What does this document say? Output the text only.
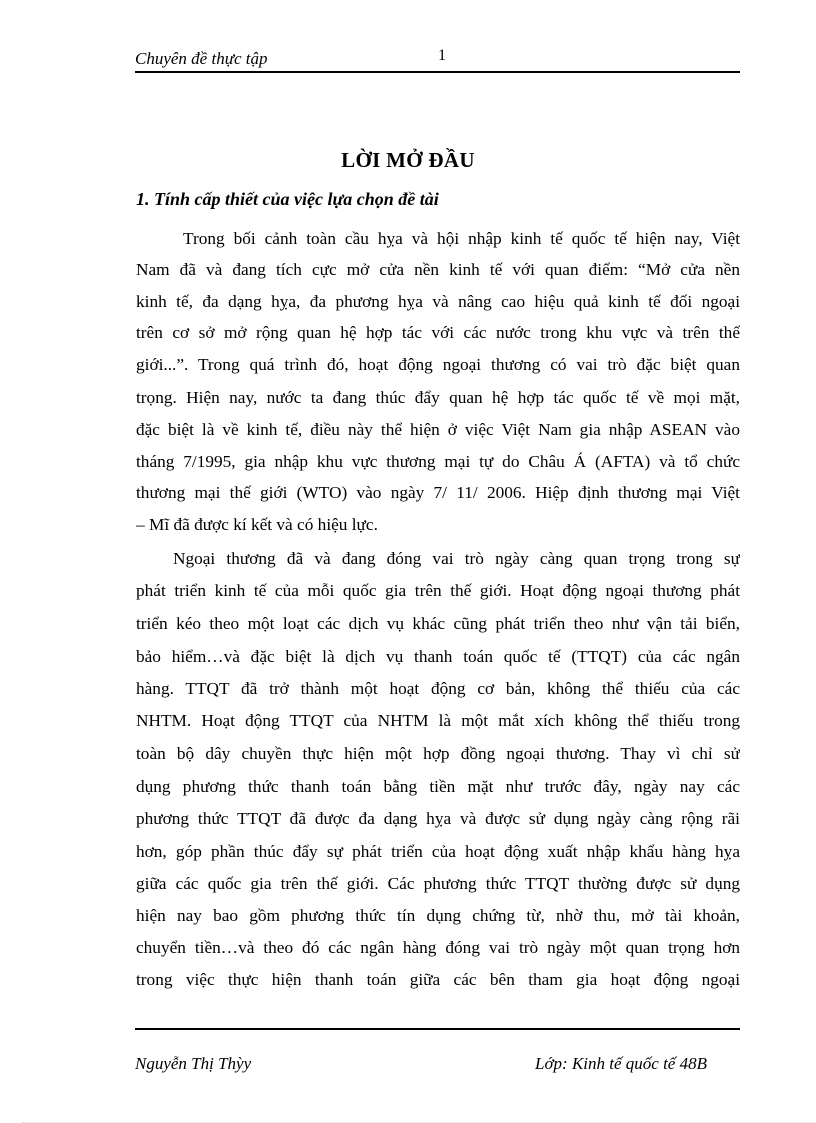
Chuyên đề thực tập	1
LỜI MỞ ĐẦU
1. Tính cấp thiết của việc lựa chọn đề tài
Trong bối cảnh toàn cầu hỵa và hội nhập kinh tế quốc tế hiện nay, Việt
Nam đã và đang tích cực mở cửa nền kinh tế với quan điểm: “Mở cửa nền
kinh tế, đa dạng hỵa, đa phương hỵa và nâng cao hiệu quả kinh tế đối ngoại
trên cơ sở mở rộng quan hệ hợp tác với các nước trong khu vực và trên thế
giới...”. Trong quá trình đó, hoạt động ngoại thương có vai trò đặc biệt quan
trọng. Hiện nay, nước ta đang thúc đẩy quan hệ hợp tác quốc tế về mọi mặt,
đặc biệt là về kinh tế, điều này thể hiện ở việc Việt Nam gia nhập ASEAN vào
tháng 7/1995, gia nhập khu vực thương mại tự do Châu Á (AFTA) và tổ chức
thương mại thế giới (WTO) vào ngày 7/ 11/ 2006. Hiệp định thương mại Việt
– Mĩ đã được kí kết và có hiệu lực.
Ngoại thương đã và đang đóng vai trò ngày càng quan trọng trong sự
phát triển kinh tế của mỗi quốc gia trên thế giới. Hoạt động ngoại thương phát
triển kéo theo một loạt các dịch vụ khác cũng phát triển theo như vận tải biển,
bảo hiểm…và đặc biệt là dịch vụ thanh toán quốc tế (TTQT) của các ngân
hàng. TTQT đã trở thành một hoạt động cơ bản, không thể thiếu của các
NHTM. Hoạt động TTQT của NHTM là một mắt xích không thể thiếu trong
toàn bộ dây chuyền thực hiện một hợp đồng ngoại thương. Thay vì chỉ sử
dụng phương thức thanh toán bằng tiền mặt như trước đây, ngày nay các
phương thức TTQT đã được đa dạng hỵa và được sử dụng ngày càng rộng rãi
hơn, góp phần thúc đẩy sự phát triển của hoạt động xuất nhập khẩu hàng hỵa
giữa các quốc gia trên thế giới. Các phương thức TTQT thường được sử dụng
hiện nay bao gồm phương thức tín dụng chứng từ, nhờ thu, mở tài khoản,
chuyển tiền…và theo đó các ngân hàng đóng vai trò ngày một quan trọng hơn
trong việc thực hiện thanh toán giữa các bên tham gia hoạt động ngoại
Nguyễn Thị Thỳy	Lớp: Kinh tế quốc tế 48B
